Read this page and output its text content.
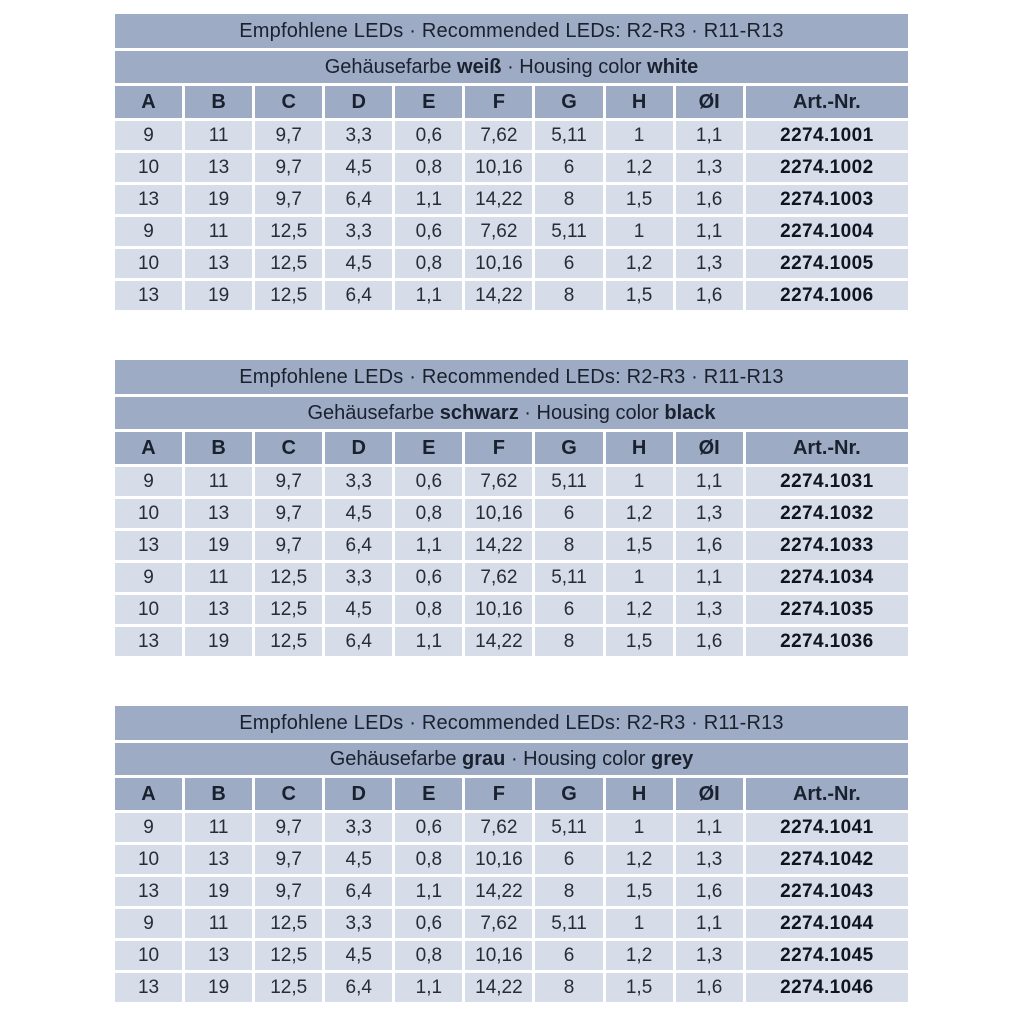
Empfohlene LEDs · Recommended LEDs: R2-R3 · R11-R13
Gehäusefarbe weiß · Housing color white
A	B	C	D	E	F	G	H	ØI	Art.-Nr.
9	11	9,7	3,3	0,6	7,62	5,11	1	1,1	2274.1001
10	13	9,7	4,5	0,8	10,16	6	1,2	1,3	2274.1002
13	19	9,7	6,4	1,1	14,22	8	1,5	1,6	2274.1003
9	11	12,5	3,3	0,6	7,62	5,11	1	1,1	2274.1004
10	13	12,5	4,5	0,8	10,16	6	1,2	1,3	2274.1005
13	19	12,5	6,4	1,1	14,22	8	1,5	1,6	2274.1006
Empfohlene LEDs · Recommended LEDs: R2-R3 · R11-R13
Gehäusefarbe schwarz · Housing color black
A	B	C	D	E	F	G	H	ØI	Art.-Nr.
9	11	9,7	3,3	0,6	7,62	5,11	1	1,1	2274.1031
10	13	9,7	4,5	0,8	10,16	6	1,2	1,3	2274.1032
13	19	9,7	6,4	1,1	14,22	8	1,5	1,6	2274.1033
9	11	12,5	3,3	0,6	7,62	5,11	1	1,1	2274.1034
10	13	12,5	4,5	0,8	10,16	6	1,2	1,3	2274.1035
13	19	12,5	6,4	1,1	14,22	8	1,5	1,6	2274.1036
Empfohlene LEDs · Recommended LEDs: R2-R3 · R11-R13
Gehäusefarbe grau · Housing color grey
A	B	C	D	E	F	G	H	ØI	Art.-Nr.
9	11	9,7	3,3	0,6	7,62	5,11	1	1,1	2274.1041
10	13	9,7	4,5	0,8	10,16	6	1,2	1,3	2274.1042
13	19	9,7	6,4	1,1	14,22	8	1,5	1,6	2274.1043
9	11	12,5	3,3	0,6	7,62	5,11	1	1,1	2274.1044
10	13	12,5	4,5	0,8	10,16	6	1,2	1,3	2274.1045
13	19	12,5	6,4	1,1	14,22	8	1,5	1,6	2274.1046
